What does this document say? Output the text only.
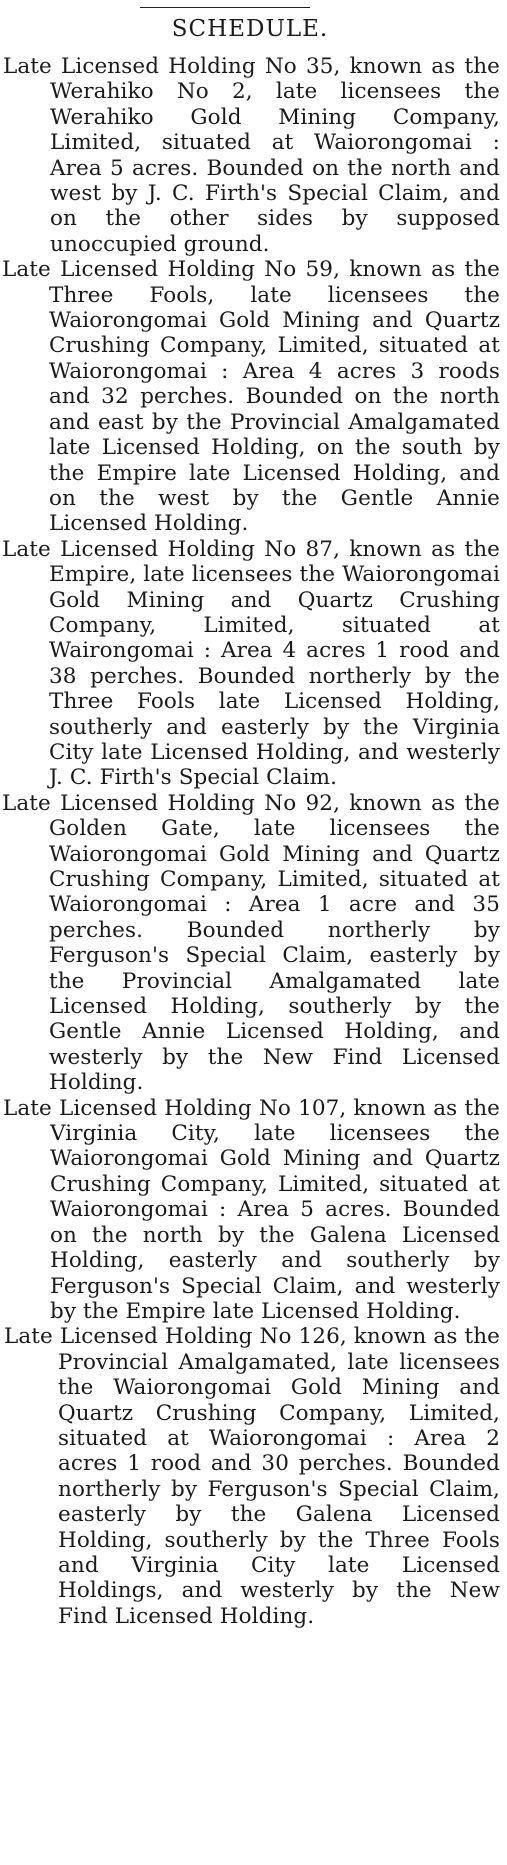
SCHEDULE.

Late Licensed Holding No 35, known as the Werahiko No 2, late licensees the Werahiko Gold Mining Company, Limited, situated at Waiorongomai : Area 5 acres. Bounded on the north and west by J. C. Firth's Special Claim, and on the other sides by supposed unoccupied ground.

Late Licensed Holding No 59, known as the Three Fools, late licensees the Waiorongomai Gold Mining and Quartz Crushing Company, Limited, situated at Waiorongomai : Area 4 acres 3 roods and 32 perches. Bounded on the north and east by the Provincial Amalgamated late Licensed Holding, on the south by the Empire late Licensed Holding, and on the west by the Gentle Annie Licensed Holding.

Late Licensed Holding No 87, known as the Empire, late licensees the Waiorongomai Gold Mining and Quartz Crushing Company, Limited, situated at Wairongomai : Area 4 acres 1 rood and 38 perches. Bounded northerly by the Three Fools late Licensed Holding, southerly and easterly by the Virginia City late Licensed Holding, and westerly J. C. Firth's Special Claim.

Late Licensed Holding No 92, known as the Golden Gate, late licensees the Waiorongomai Gold Mining and Quartz Crushing Company, Limited, situated at Waiorongomai : Area 1 acre and 35 perches. Bounded northerly by Ferguson's Special Claim, easterly by the Provincial Amalgamated late Licensed Holding, southerly by the Gentle Annie Licensed Holding, and westerly by the New Find Licensed Holding.

Late Licensed Holding No 107, known as the Virginia City, late licensees the Waiorongomai Gold Mining and Quartz Crushing Company, Limited, situated at Waiorongomai : Area 5 acres. Bounded on the north by the Galena Licensed Holding, easterly and southerly by Ferguson's Special Claim, and westerly by the Empire late Licensed Holding.

Late Licensed Holding No 126, known as the Provincial Amalgamated, late licensees the Waiorongomai Gold Mining and Quartz Crushing Company, Limited, situated at Waiorongomai : Area 2 acres 1 rood and 30 perches. Bounded northerly by Ferguson's Special Claim, easterly by the Galena Licensed Holding, southerly by the Three Fools and Virginia City late Licensed Holdings, and westerly by the New Find Licensed Holding.
